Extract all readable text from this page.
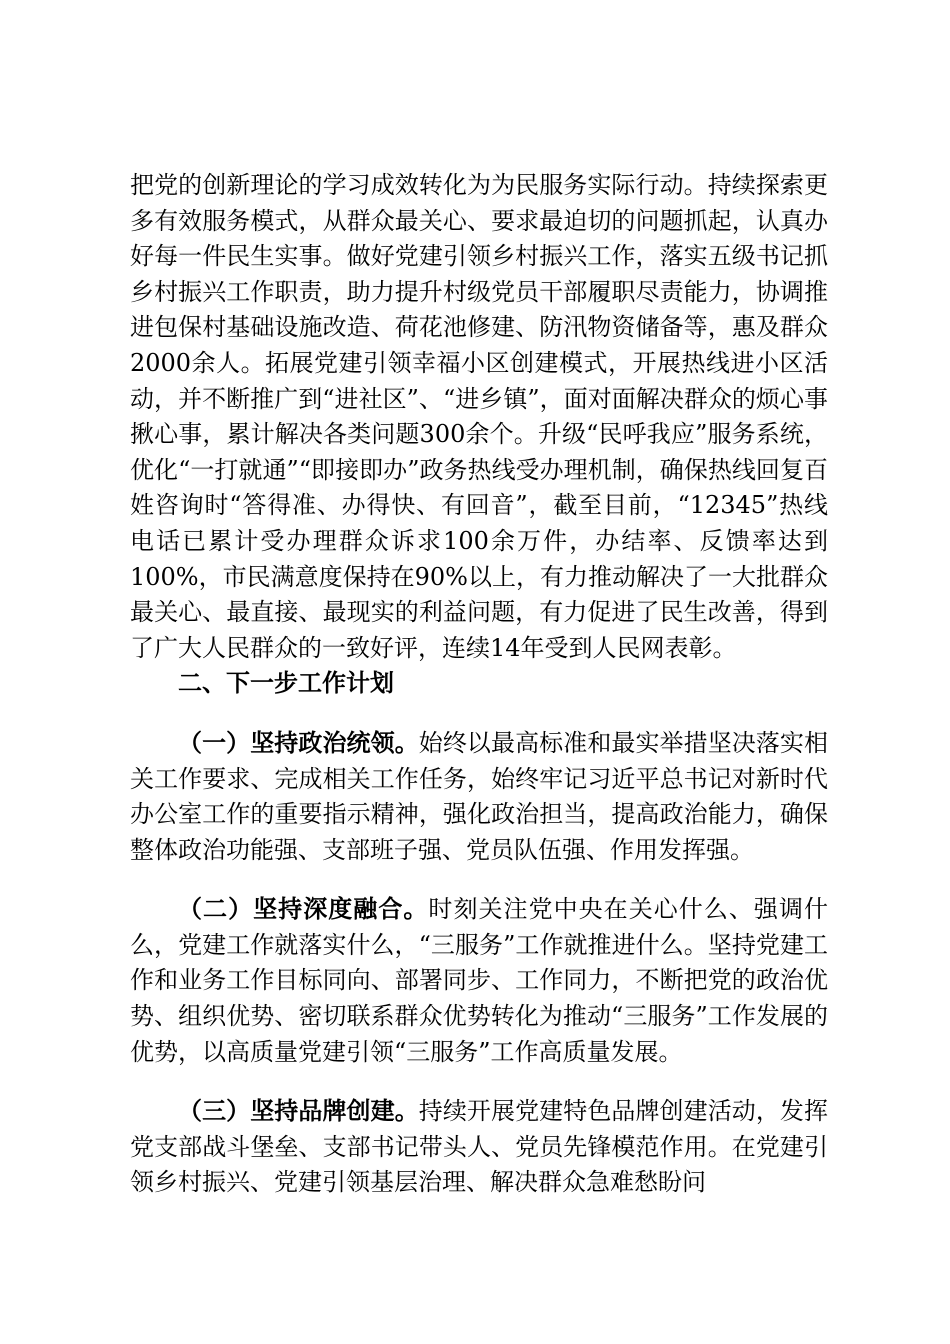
把党的创新理论的学习成效转化为为民服务实际行动。持续探索更多有效服务模式，从群众最关心、要求最迫切的问题抓起，认真办好每一件民生实事。做好党建引领乡村振兴工作，落实五级书记抓乡村振兴工作职责，助力提升村级党员干部履职尽责能力，协调推进包保村基础设施改造、荷花池修建、防汛物资储备等，惠及群众2000余人。拓展党建引领幸福小区创建模式，开展热线进小区活动，并不断推广到“进社区”、“进乡镇”，面对面解决群众的烦心事揪心事，累计解决各类问题300余个。升级“民呼我应”服务系统，优化“一打就通”“即接即办”政务热线受办理机制，确保热线回复百姓咨询时“答得准、办得快、有回音”，截至目前，“12345”热线电话已累计受办理群众诉求100余万件，办结率、反馈率达到100%，市民满意度保持在90%以上，有力推动解决了一大批群众最关心、最直接、最现实的利益问题，有力促进了民生改善，得到了广大人民群众的一致好评，连续14年受到人民网表彰。

二、下一步工作计划

（一）坚持政治统领。始终以最高标准和最实举措坚决落实相关工作要求、完成相关工作任务，始终牢记习近平总书记对新时代办公室工作的重要指示精神，强化政治担当，提高政治能力，确保整体政治功能强、支部班子强、党员队伍强、作用发挥强。

（二）坚持深度融合。时刻关注党中央在关心什么、强调什么，党建工作就落实什么，“三服务”工作就推进什么。坚持党建工作和业务工作目标同向、部署同步、工作同力，不断把党的政治优势、组织优势、密切联系群众优势转化为推动“三服务”工作发展的优势，以高质量党建引领“三服务”工作高质量发展。

（三）坚持品牌创建。持续开展党建特色品牌创建活动，发挥党支部战斗堡垒、支部书记带头人、党员先锋模范作用。在党建引领乡村振兴、党建引领基层治理、解决群众急难愁盼问
